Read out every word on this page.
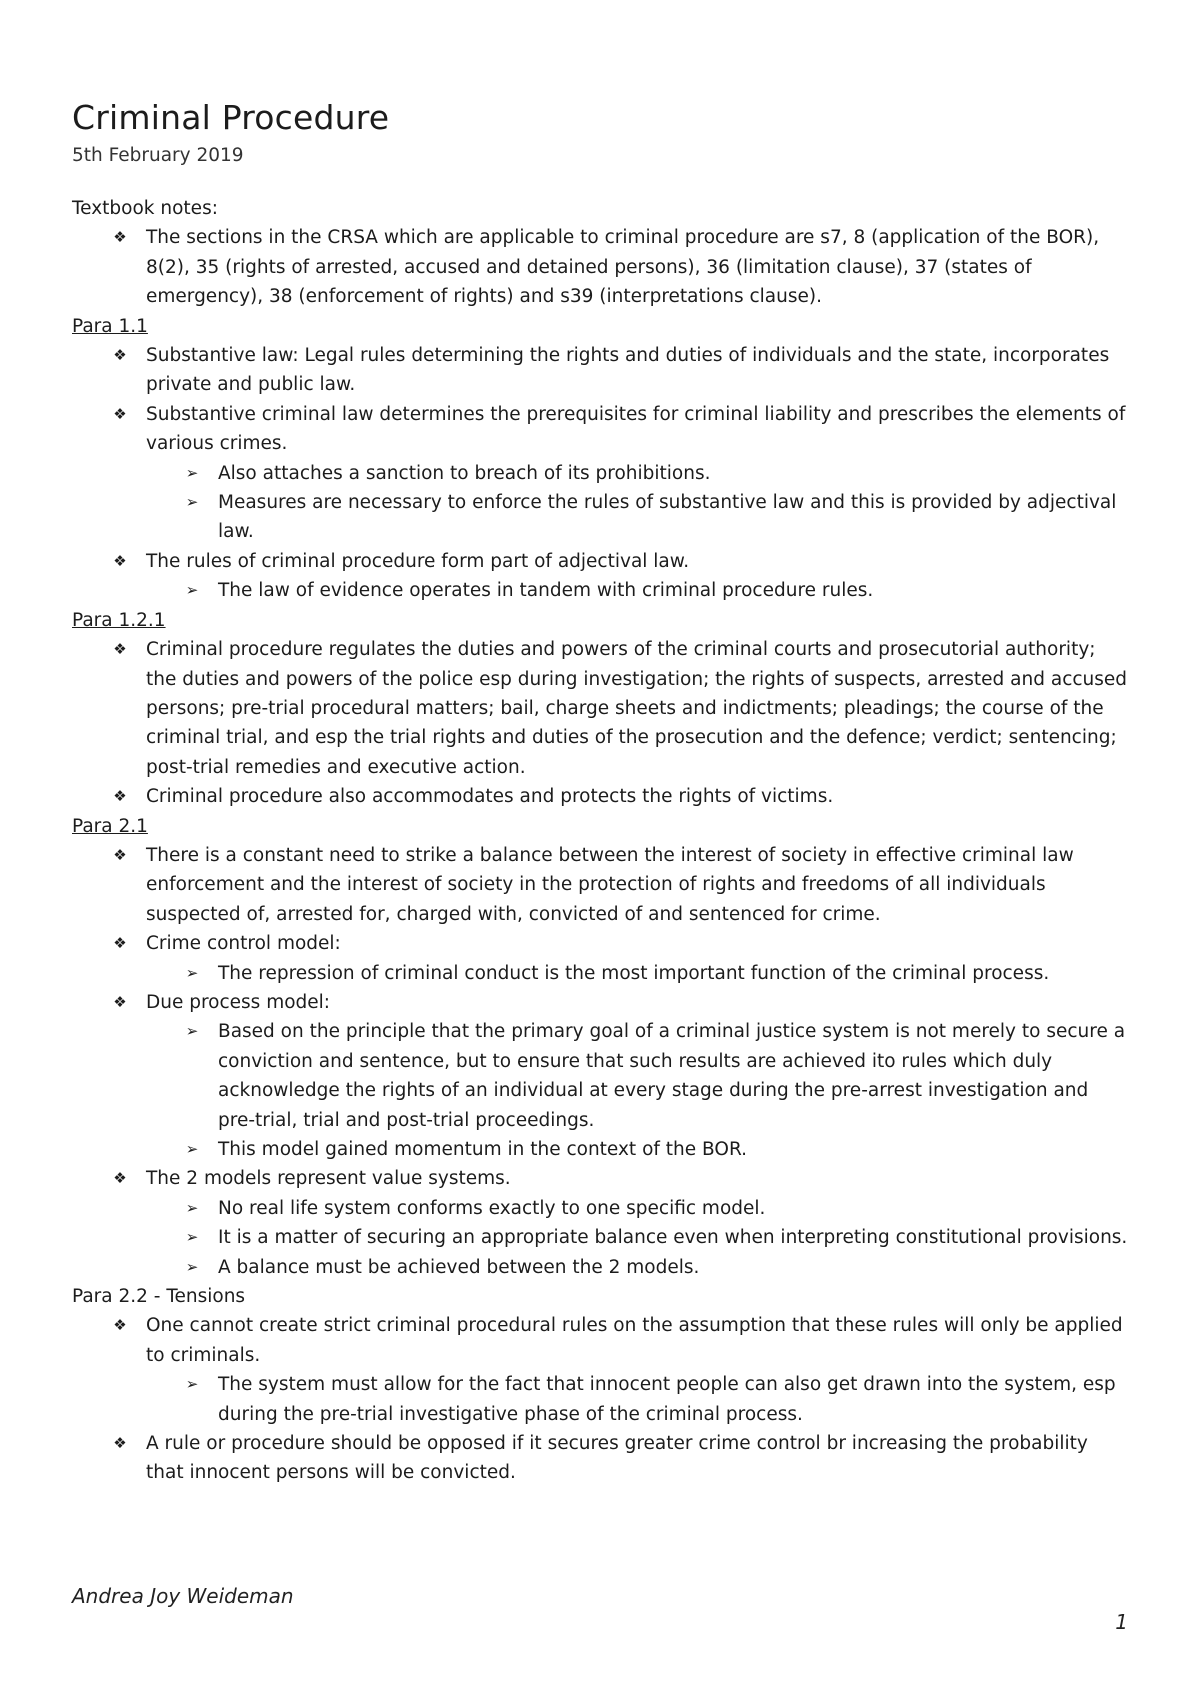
Criminal Procedure

5th February 2019

Textbook notes:

❖ The sections in the CRSA which are applicable to criminal procedure are s7, 8 (application of the BOR), 8(2), 35 (rights of arrested, accused and detained persons), 36 (limitation clause), 37 (states of emergency), 38 (enforcement of rights) and s39 (interpretations clause).

Para 1.1

❖ Substantive law: Legal rules determining the rights and duties of individuals and the state, incorporates private and public law.
❖ Substantive criminal law determines the prerequisites for criminal liability and prescribes the elements of various crimes.
➢ Also attaches a sanction to breach of its prohibitions.
➢ Measures are necessary to enforce the rules of substantive law and this is provided by adjectival law.
❖ The rules of criminal procedure form part of adjectival law.
➢ The law of evidence operates in tandem with criminal procedure rules.

Para 1.2.1

❖ Criminal procedure regulates the duties and powers of the criminal courts and prosecutorial authority; the duties and powers of the police esp during investigation; the rights of suspects, arrested and accused persons; pre-trial procedural matters; bail, charge sheets and indictments; pleadings; the course of the criminal trial, and esp the trial rights and duties of the prosecution and the defence; verdict; sentencing; post-trial remedies and executive action.
❖ Criminal procedure also accommodates and protects the rights of victims.

Para 2.1

❖ There is a constant need to strike a balance between the interest of society in effective criminal law enforcement and the interest of society in the protection of rights and freedoms of all individuals suspected of, arrested for, charged with, convicted of and sentenced for crime.
❖ Crime control model:
➢ The repression of criminal conduct is the most important function of the criminal process.
❖ Due process model:
➢ Based on the principle that the primary goal of a criminal justice system is not merely to secure a conviction and sentence, but to ensure that such results are achieved ito rules which duly acknowledge the rights of an individual at every stage during the pre-arrest investigation and pre-trial, trial and post-trial proceedings.
➢ This model gained momentum in the context of the BOR.
❖ The 2 models represent value systems.
➢ No real life system conforms exactly to one specific model.
➢ It is a matter of securing an appropriate balance even when interpreting constitutional provisions.
➢ A balance must be achieved between the 2 models.

Para 2.2 - Tensions

❖ One cannot create strict criminal procedural rules on the assumption that these rules will only be applied to criminals.
➢ The system must allow for the fact that innocent people can also get drawn into the system, esp during the pre-trial investigative phase of the criminal process.
❖ A rule or procedure should be opposed if it secures greater crime control br increasing the probability that innocent persons will be convicted.

Andrea Joy Weideman

1
